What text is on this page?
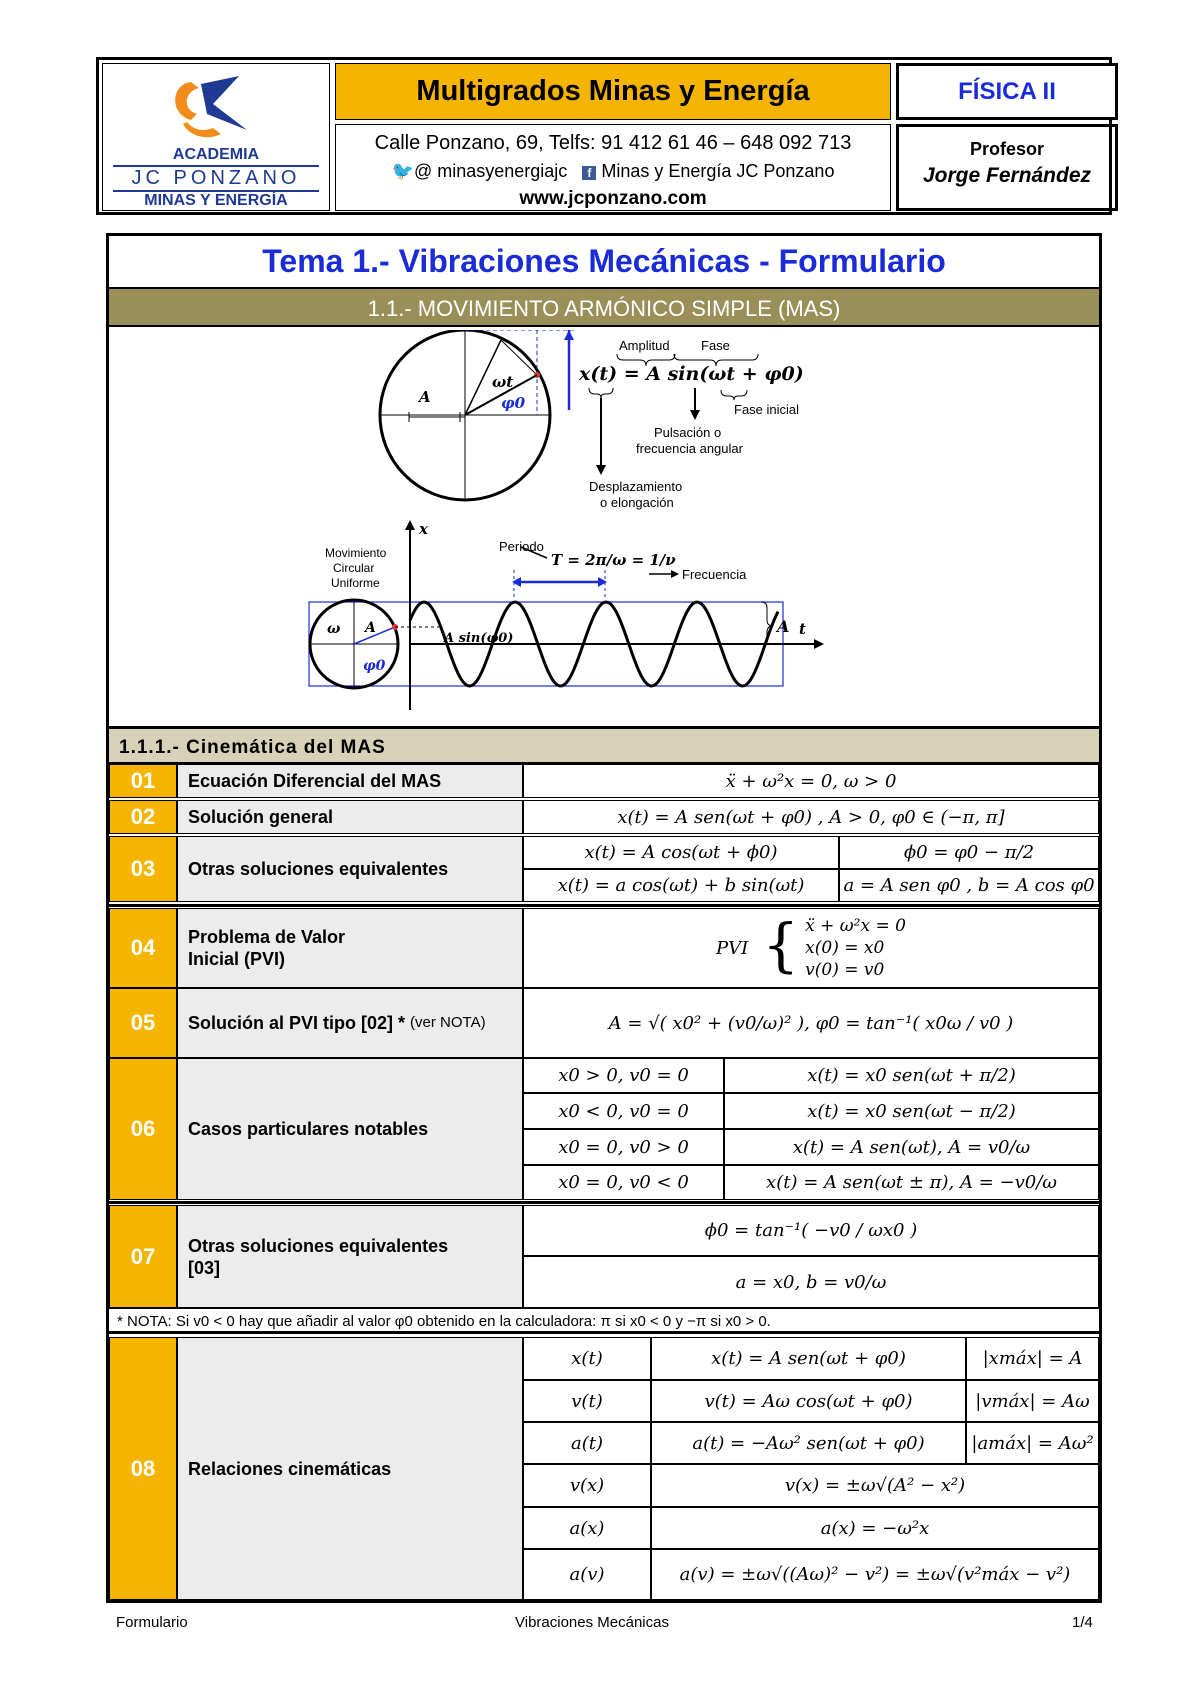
ACADEMIA
JC PONZANO
MINAS Y ENERGÍA
Multigrados Minas y Energía	FÍSICA II
Calle Ponzano, 69, Telfs: 91 412 61 46 – 648 092 713
🐦@ minasyenergiajc f Minas y Energía JC Ponzano
www.jcponzano.com
Profesor
Jorge Fernández
Tema 1.- Vibraciones Mecánicas - Formulario
1.1.- MOVIMIENTO ARMÓNICO SIMPLE (MAS)
A
ωt
φ0
x(t) = A sin(ωt + φ0)
Amplitud Fase
Fase inicial
Pulsación o
frecuencia angular
Desplazamiento
o elongación
Movimiento
Circular
Uniforme
Periodo
T = 2π/ω = 1/ν
Frecuencia
ω A
φ0
A sin(φ0)
x
t
A
1.1.1.- Cinemática del MAS
01	Ecuación Diferencial del MAS	ẍ + ω²x = 0, ω > 0
02	Solución general	x(t) = A sen(ωt + φ0) , A > 0, φ0 ∈ (−π, π]
03	Otras soluciones equivalentes
x(t) = A cos(ωt + ϕ0)	ϕ0 = φ0 − π/2
x(t) = a cos(ωt) + b sin(ωt)	a = A sen φ0 , b = A cos φ0
04	Problema de Valor Inicial (PVI)
PVI { ẍ + ω²x = 0
x(0) = x0
v(0) = v0
05	Solución al PVI tipo [02] *
(ver NOTA)	A = √( x0² + (v0/ω)² ), φ0 = tan⁻¹( x0ω / v0 )
06	Casos particulares notables
x0 > 0, v0 = 0	x(t) = x0 sen(ωt + π/2)
x0 < 0, v0 = 0	x(t) = x0 sen(ωt − π/2)
x0 = 0, v0 > 0	x(t) = A sen(ωt), A = v0/ω
x0 = 0, v0 < 0	x(t) = A sen(ωt ± π), A = −v0/ω
07	Otras soluciones equivalentes [03]
ϕ0 = tan⁻¹( −v0 / ωx0 )
a = x0, b = v0/ω
* NOTA: Si v0 < 0 hay que añadir al valor φ0 obtenido en la calculadora: π si x0 < 0 y −π si x0 > 0.
08	Relaciones cinemáticas
x(t)	x(t) = A sen(ωt + φ0)	|xmáx| = A
v(t)	v(t) = Aω cos(ωt + φ0)	|vmáx| = Aω
a(t)	a(t) = −Aω² sen(ωt + φ0)	|amáx| = Aω²
v(x)	v(x) = ±ω√(A² − x²)
a(x)	a(x) = −ω²x
a(v)	a(v) = ±ω√((Aω)² − v²) = ±ω√(v²máx − v²)
Formulario	Vibraciones Mecánicas	1/4
